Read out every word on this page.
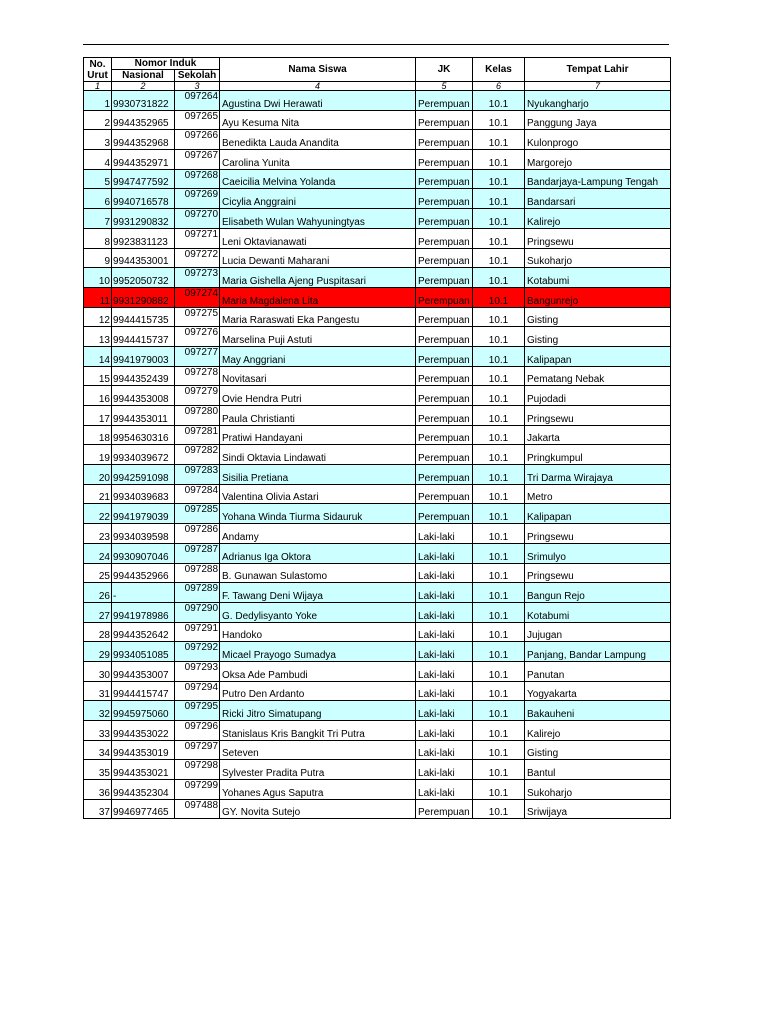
No.
Urut	Nomor Induk		Nama Siswa	JK	Kelas	Tempat Lahir
	Nasional	Sekolah				
1	2	3	4	5	6	7
1	9930731822	097264	Agustina Dwi Herawati	Perempuan	10.1	Nyukangharjo
2	9944352965	097265	Ayu Kesuma Nita	Perempuan	10.1	Panggung Jaya
3	9944352968	097266	Benedikta Lauda Anandita	Perempuan	10.1	Kulonprogo
4	9944352971	097267	Carolina Yunita	Perempuan	10.1	Margorejo
5	9947477592	097268	Caeicilia Melvina Yolanda	Perempuan	10.1	Bandarjaya-Lampung Tengah
6	9940716578	097269	Cicylia Anggraini	Perempuan	10.1	Bandarsari
7	9931290832	097270	Elisabeth Wulan Wahyuningtyas	Perempuan	10.1	Kalirejo
8	9923831123	097271	Leni Oktavianawati	Perempuan	10.1	Pringsewu
9	9944353001	097272	Lucia Dewanti Maharani	Perempuan	10.1	Sukoharjo
10	9952050732	097273	Maria Gishella Ajeng Puspitasari	Perempuan	10.1	Kotabumi
11	9931290882	097274	Maria Magdalena Lita	Perempuan	10.1	Bangunrejo
12	9944415735	097275	Maria Raraswati Eka Pangestu	Perempuan	10.1	Gisting
13	9944415737	097276	Marselina Puji Astuti	Perempuan	10.1	Gisting
14	9941979003	097277	May Anggriani	Perempuan	10.1	Kalipapan
15	9944352439	097278	Novitasari	Perempuan	10.1	Pematang Nebak
16	9944353008	097279	Ovie Hendra Putri	Perempuan	10.1	Pujodadi
17	9944353011	097280	Paula Christianti	Perempuan	10.1	Pringsewu
18	9954630316	097281	Pratiwi Handayani	Perempuan	10.1	Jakarta
19	9934039672	097282	Sindi Oktavia Lindawati	Perempuan	10.1	Pringkumpul
20	9942591098	097283	Sisilia Pretiana	Perempuan	10.1	Tri Darma Wirajaya
21	9934039683	097284	Valentina Olivia Astari	Perempuan	10.1	Metro
22	9941979039	097285	Yohana Winda Tiurma Sidauruk	Perempuan	10.1	Kalipapan
23	9934039598	097286	Andamy	Laki-laki	10.1	Pringsewu
24	9930907046	097287	Adrianus Iga Oktora	Laki-laki	10.1	Srimulyo
25	9944352966	097288	B. Gunawan Sulastomo	Laki-laki	10.1	Pringsewu
26	-	097289	F. Tawang Deni Wijaya	Laki-laki	10.1	Bangun Rejo
27	9941978986	097290	G. Dedylisyanto Yoke	Laki-laki	10.1	Kotabumi
28	9944352642	097291	Handoko	Laki-laki	10.1	Jujugan
29	9934051085	097292	Micael Prayogo Sumadya	Laki-laki	10.1	Panjang, Bandar Lampung
30	9944353007	097293	Oksa Ade Pambudi	Laki-laki	10.1	Panutan
31	9944415747	097294	Putro Den Ardanto	Laki-laki	10.1	Yogyakarta
32	9945975060	097295	Ricki Jitro Simatupang	Laki-laki	10.1	Bakauheni
33	9944353022	097296	Stanislaus Kris Bangkit Tri Putra	Laki-laki	10.1	Kalirejo
34	9944353019	097297	Seteven	Laki-laki	10.1	Gisting
35	9944353021	097298	Sylvester Pradita Putra	Laki-laki	10.1	Bantul
36	9944352304	097299	Yohanes Agus Saputra	Laki-laki	10.1	Sukoharjo
37	9946977465	097488	GY. Novita Sutejo	Perempuan	10.1	Sriwijaya
